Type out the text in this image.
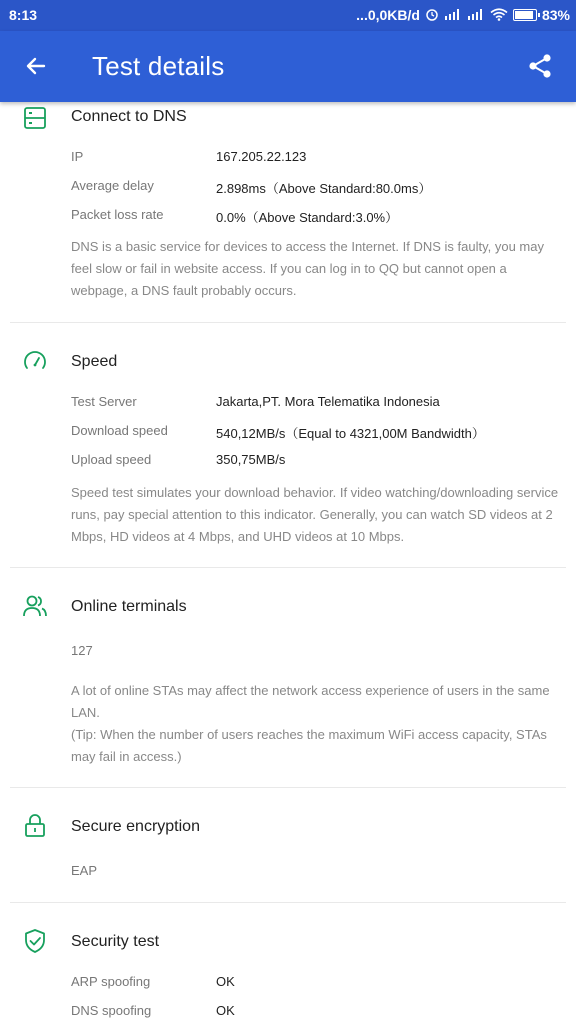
8:13	...0,0KB/d	83%
Test details
Connect to DNS
IP	167.205.22.123
Average delay	2.898ms（Above Standard:80.0ms）
Packet loss rate	0.0%（Above Standard:3.0%）
DNS is a basic service for devices to access the Internet. If DNS is faulty, you may feel slow or fail in website access. If you can log in to QQ but cannot open a webpage, a DNS fault probably occurs.
Speed
Test Server	Jakarta,PT. Mora Telematika Indonesia
Download speed	540,12MB/s（Equal to 4321,00M Bandwidth）
Upload speed	350,75MB/s
Speed test simulates your download behavior. If video watching/downloading service runs, pay special attention to this indicator. Generally, you can watch SD videos at 2 Mbps, HD videos at 4 Mbps, and UHD videos at 10 Mbps.
Online terminals
127
A lot of online STAs may affect the network access experience of users in the same LAN.
(Tip: When the number of users reaches the maximum WiFi access capacity, STAs may fail in access.)
Secure encryption
EAP
Security test
ARP spoofing	OK
DNS spoofing	OK
